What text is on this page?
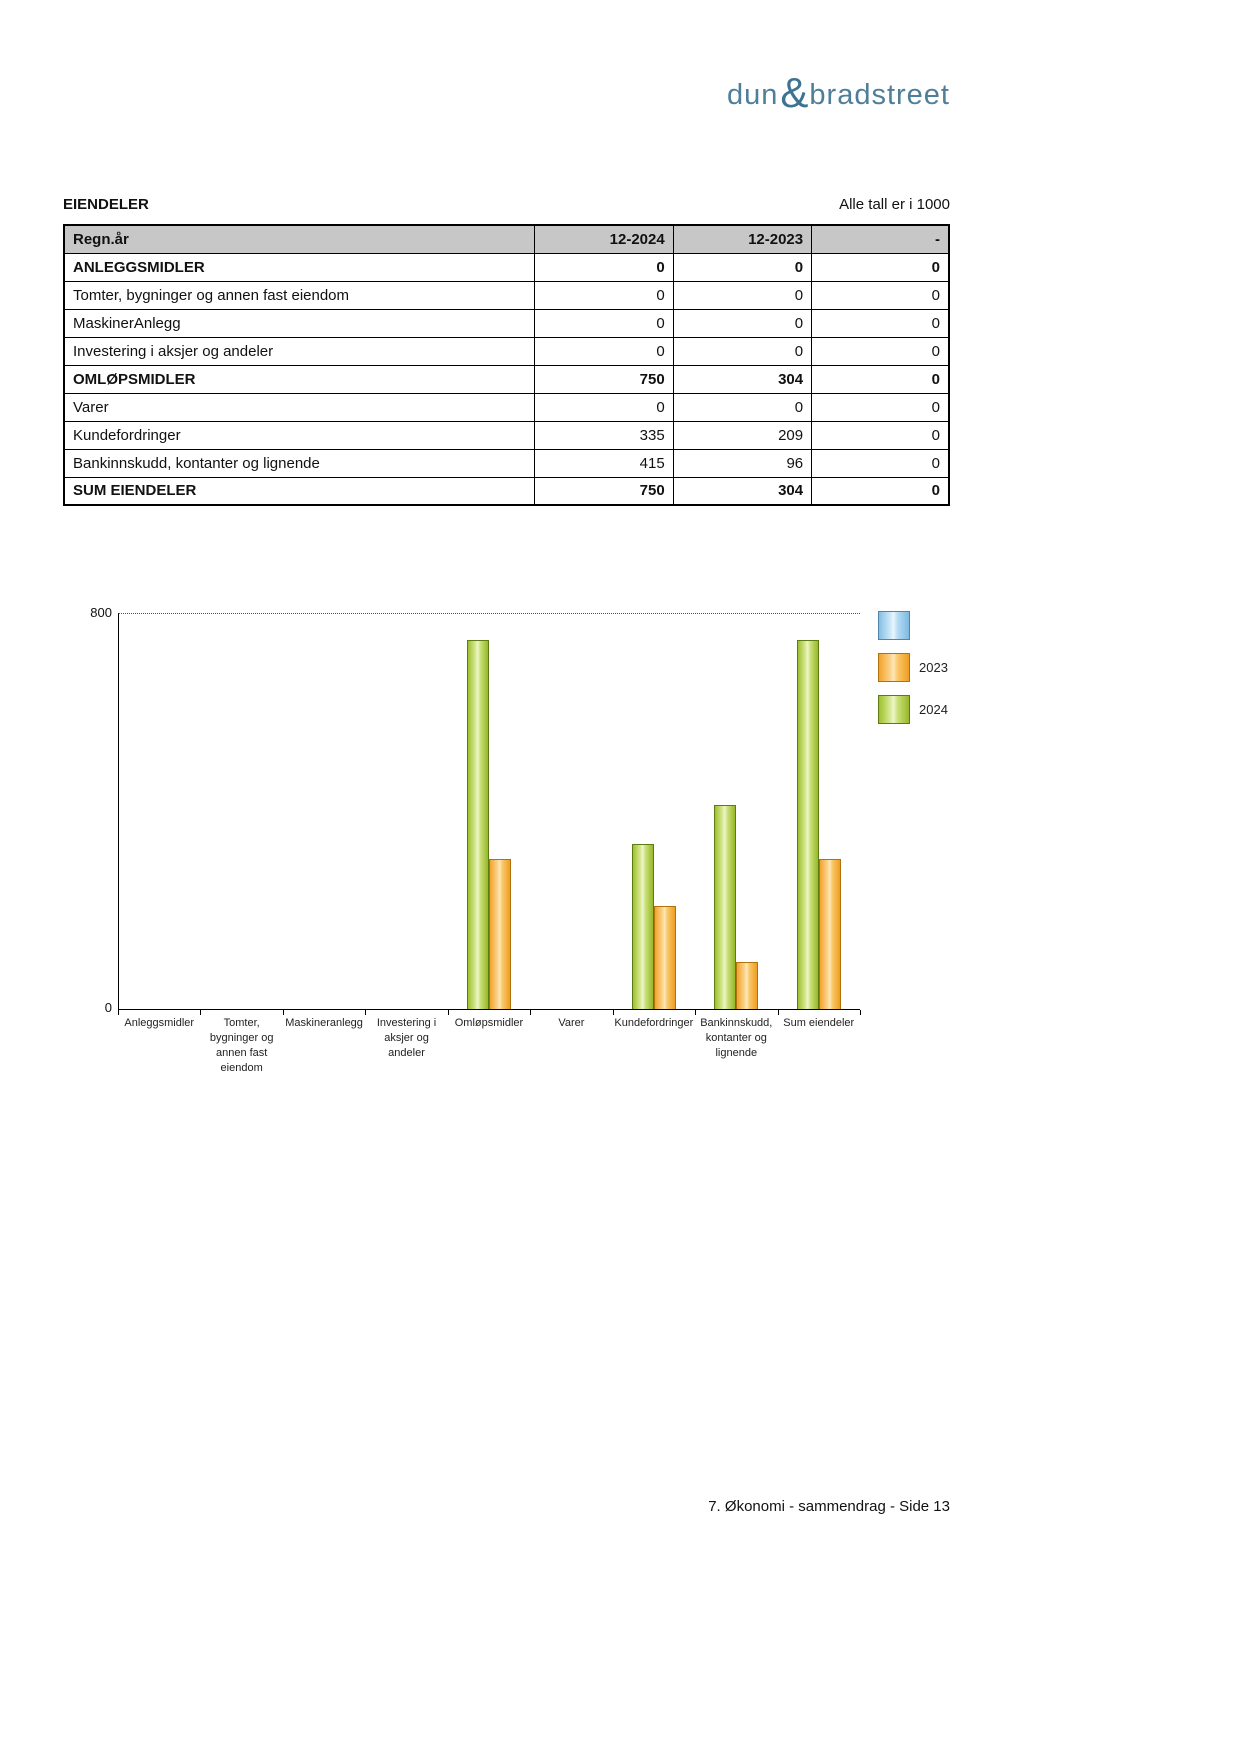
dun & bradstreet
EIENDELER	Alle tall er i 1000
Regn.år	12-2024	12-2023	-
ANLEGGSMIDLER	0	0	0
Tomter, bygninger og annen fast eiendom	0	0	0
MaskinerAnlegg	0	0	0
Investering i aksjer og andeler	0	0	0
OMLØPSMIDLER	750	304	0
Varer	0	0	0
Kundefordringer	335	209	0
Bankinnskudd, kontanter og lignende	415	96	0
SUM EIENDELER	750	304	0
800
0
Anleggsmidler	Tomter, bygninger og annen fast eiendom
Maskineranlegg	Investering i aksjer og andeler
Omløpsmidler	Varer	Kundefordringer Bankinnskudd, kontanter og lignende
Sum eiendeler
2023
2024
7. Økonomi - sammendrag - Side 13
